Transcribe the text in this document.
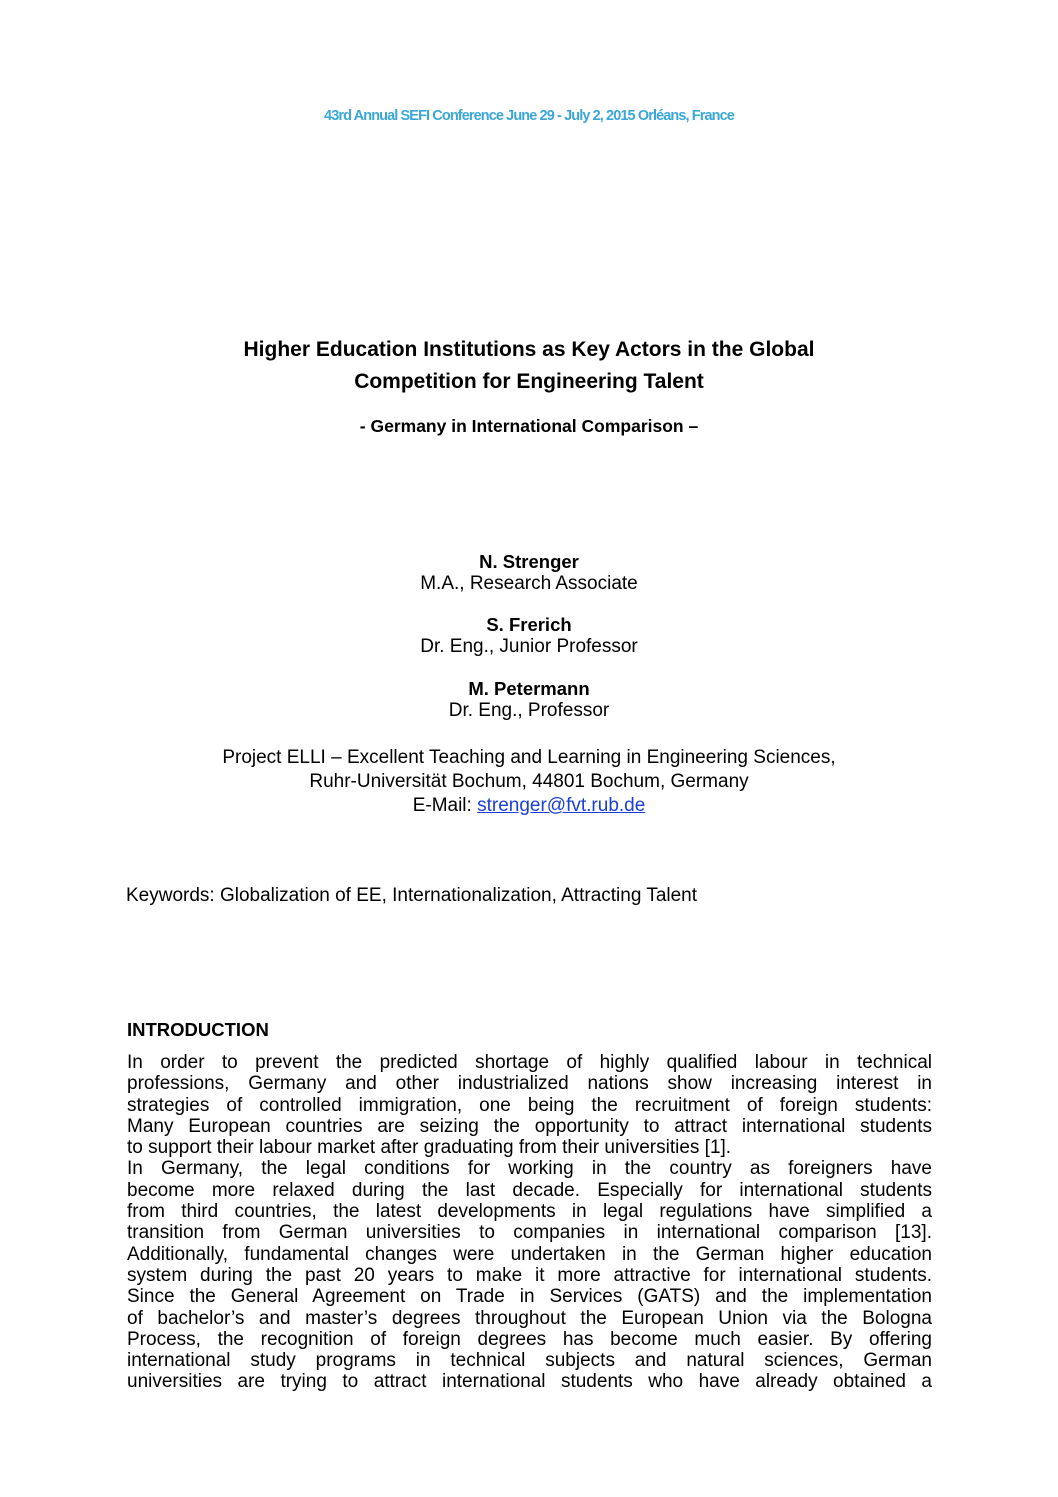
43rd Annual SEFI Conference June 29 - July 2, 2015 Orléans, France
Higher Education Institutions as Key Actors in the Global
Competition for Engineering Talent
- Germany in International Comparison –
N. Strenger
M.A., Research Associate
S. Frerich
Dr. Eng., Junior Professor
M. Petermann
Dr. Eng., Professor
Project ELLI – Excellent Teaching and Learning in Engineering Sciences,
Ruhr-Universität Bochum, 44801 Bochum, Germany
E-Mail: strenger@fvt.rub.de
Keywords: Globalization of EE, Internationalization, Attracting Talent
INTRODUCTION
In order to prevent the predicted shortage of highly qualified labour in technical
professions, Germany and other industrialized nations show increasing interest in
strategies of controlled immigration, one being the recruitment of foreign students:
Many European countries are seizing the opportunity to attract international students
to support their labour market after graduating from their universities [1].
In Germany, the legal conditions for working in the country as foreigners have
become more relaxed during the last decade. Especially for international students
from third countries, the latest developments in legal regulations have simplified a
transition from German universities to companies in international comparison [13].
Additionally, fundamental changes were undertaken in the German higher education
system during the past 20 years to make it more attractive for international students.
Since the General Agreement on Trade in Services (GATS) and the implementation
of bachelor’s and master’s degrees throughout the European Union via the Bologna
Process, the recognition of foreign degrees has become much easier. By offering
international study programs in technical subjects and natural sciences, German
universities are trying to attract international students who have already obtained a
